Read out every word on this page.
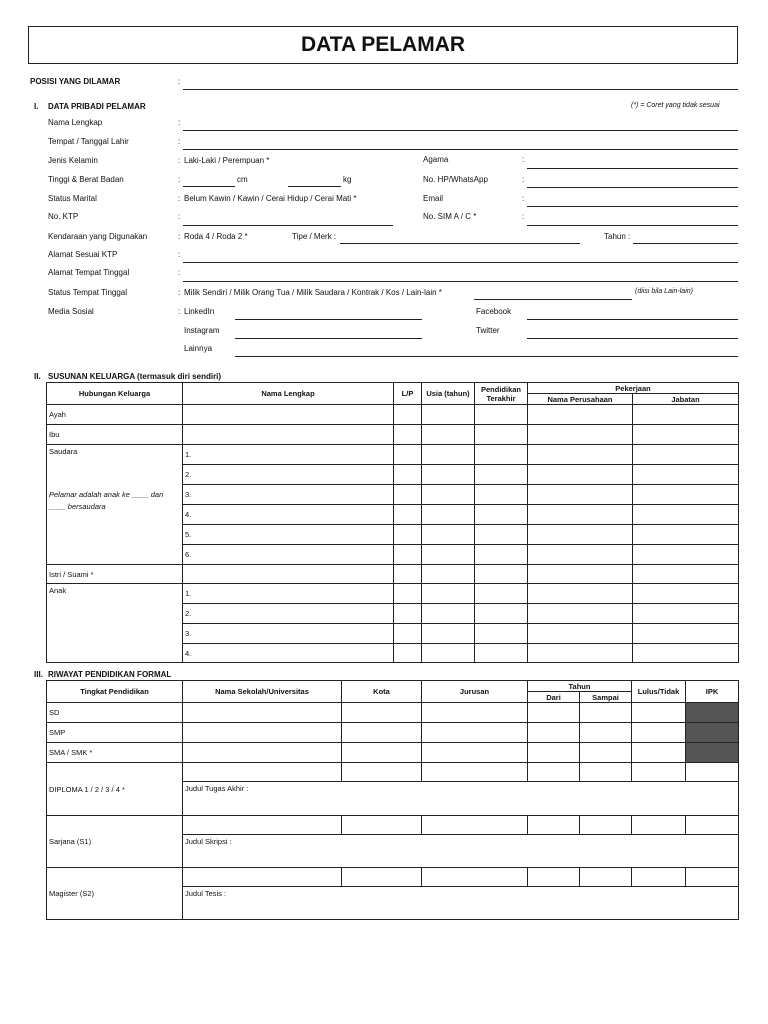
DATA PELAMAR
POSISI YANG DILAMAR	:
I. DATA PRIBADI PELAMAR	(*) = Coret yang tidak sesuai
Nama Lengkap	:
Tempat / Tanggal Lahir	:
Jenis Kelamin	: Laki-Laki / Perempuan *	Agama	:
Tinggi & Berat Badan	:	cm	kg	No. HP/WhatsApp	:
Status Marital	: Belum Kawin / Kawin / Cerai Hidup / Cerai Mati *	Email	:
No. KTP	:	No. SIM A / C *	:
Kendaraan yang Digunakan	: Roda 4 / Roda 2 *	Tipe / Merk :	Tahun :
Alamat Sesuai KTP	:
Alamat Tempat Tinggal	:
Status Tempat Tinggal	: Milik Sendiri / Milik Orang Tua / Milik Saudara / Kontrak / Kos / Lain-lain *	(diisi bila Lain-lain)
Media Sosial	: LinkedIn	Facebook
Instagram	Twitter
Lainnya
II. SUSUNAN KELUARGA (termasuk diri sendiri)
Hubungan Keluarga	Nama Lengkap	L/P	Usia (tahun)	Pendidikan Terakhir	Pekerjaan	
					Nama Perusahaan	Jabatan
Ayah						
Ibu						
Saudara
Pelamar adalah anak ke ____ dari ____ bersaudara	1.					
	2.					
	3.					
	4.					
	5.					
	6.					
Istri / Suami *						
Anak	1.					
	2.					
	3.					
	4.					
III. RIWAYAT PENDIDIKAN FORMAL
Tingkat Pendidikan	Nama Sekolah/Universitas	Kota	Jurusan	Tahun		Lulus/Tidak	IPK
				Dari	Sampai		
SD							
SMP							
SMA / SMK *							
DIPLOMA 1 / 2 / 3 / 4 *							
	Judul Tugas Akhir :						
Sarjana (S1)							
	Judul Skripsi :						
Magister (S2)							
	Judul Tesis :						
